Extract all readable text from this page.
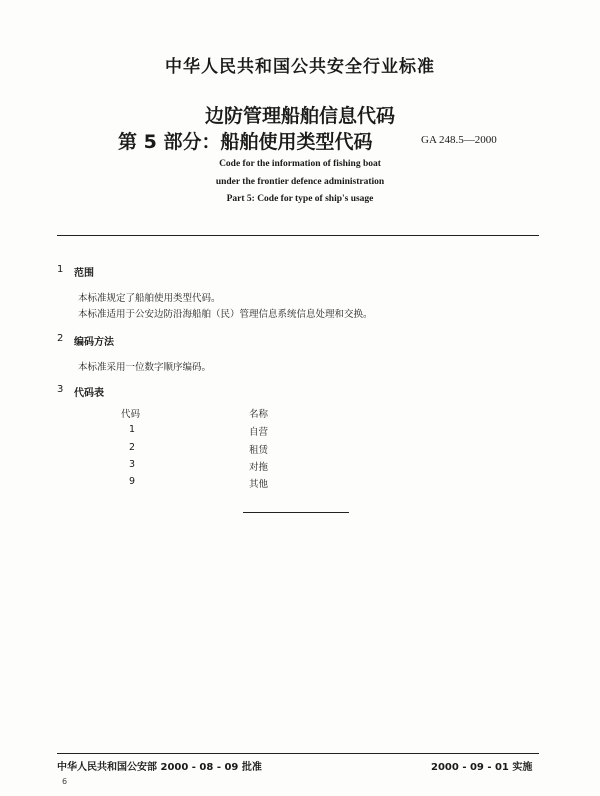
中华人民共和国公共安全行业标准
边防管理船舶信息代码
第 5 部分：船舶使用类型代码	GA 248.5—2000
Code for the information of fishing boat
under the frontier defence administration
Part 5: Code for type of ship's usage
1 范围
本标准规定了船舶使用类型代码。
本标准适用于公安边防沿海船舶（民）管理信息系统信息处理和交换。
2 编码方法
本标准采用一位数字顺序编码。
3 代码表
代码	名称
1	自营
2	租赁
3	对拖
9	其他
中华人民共和国公安部 2000 - 08 - 09 批准	2000 - 09 - 01 实施
6
